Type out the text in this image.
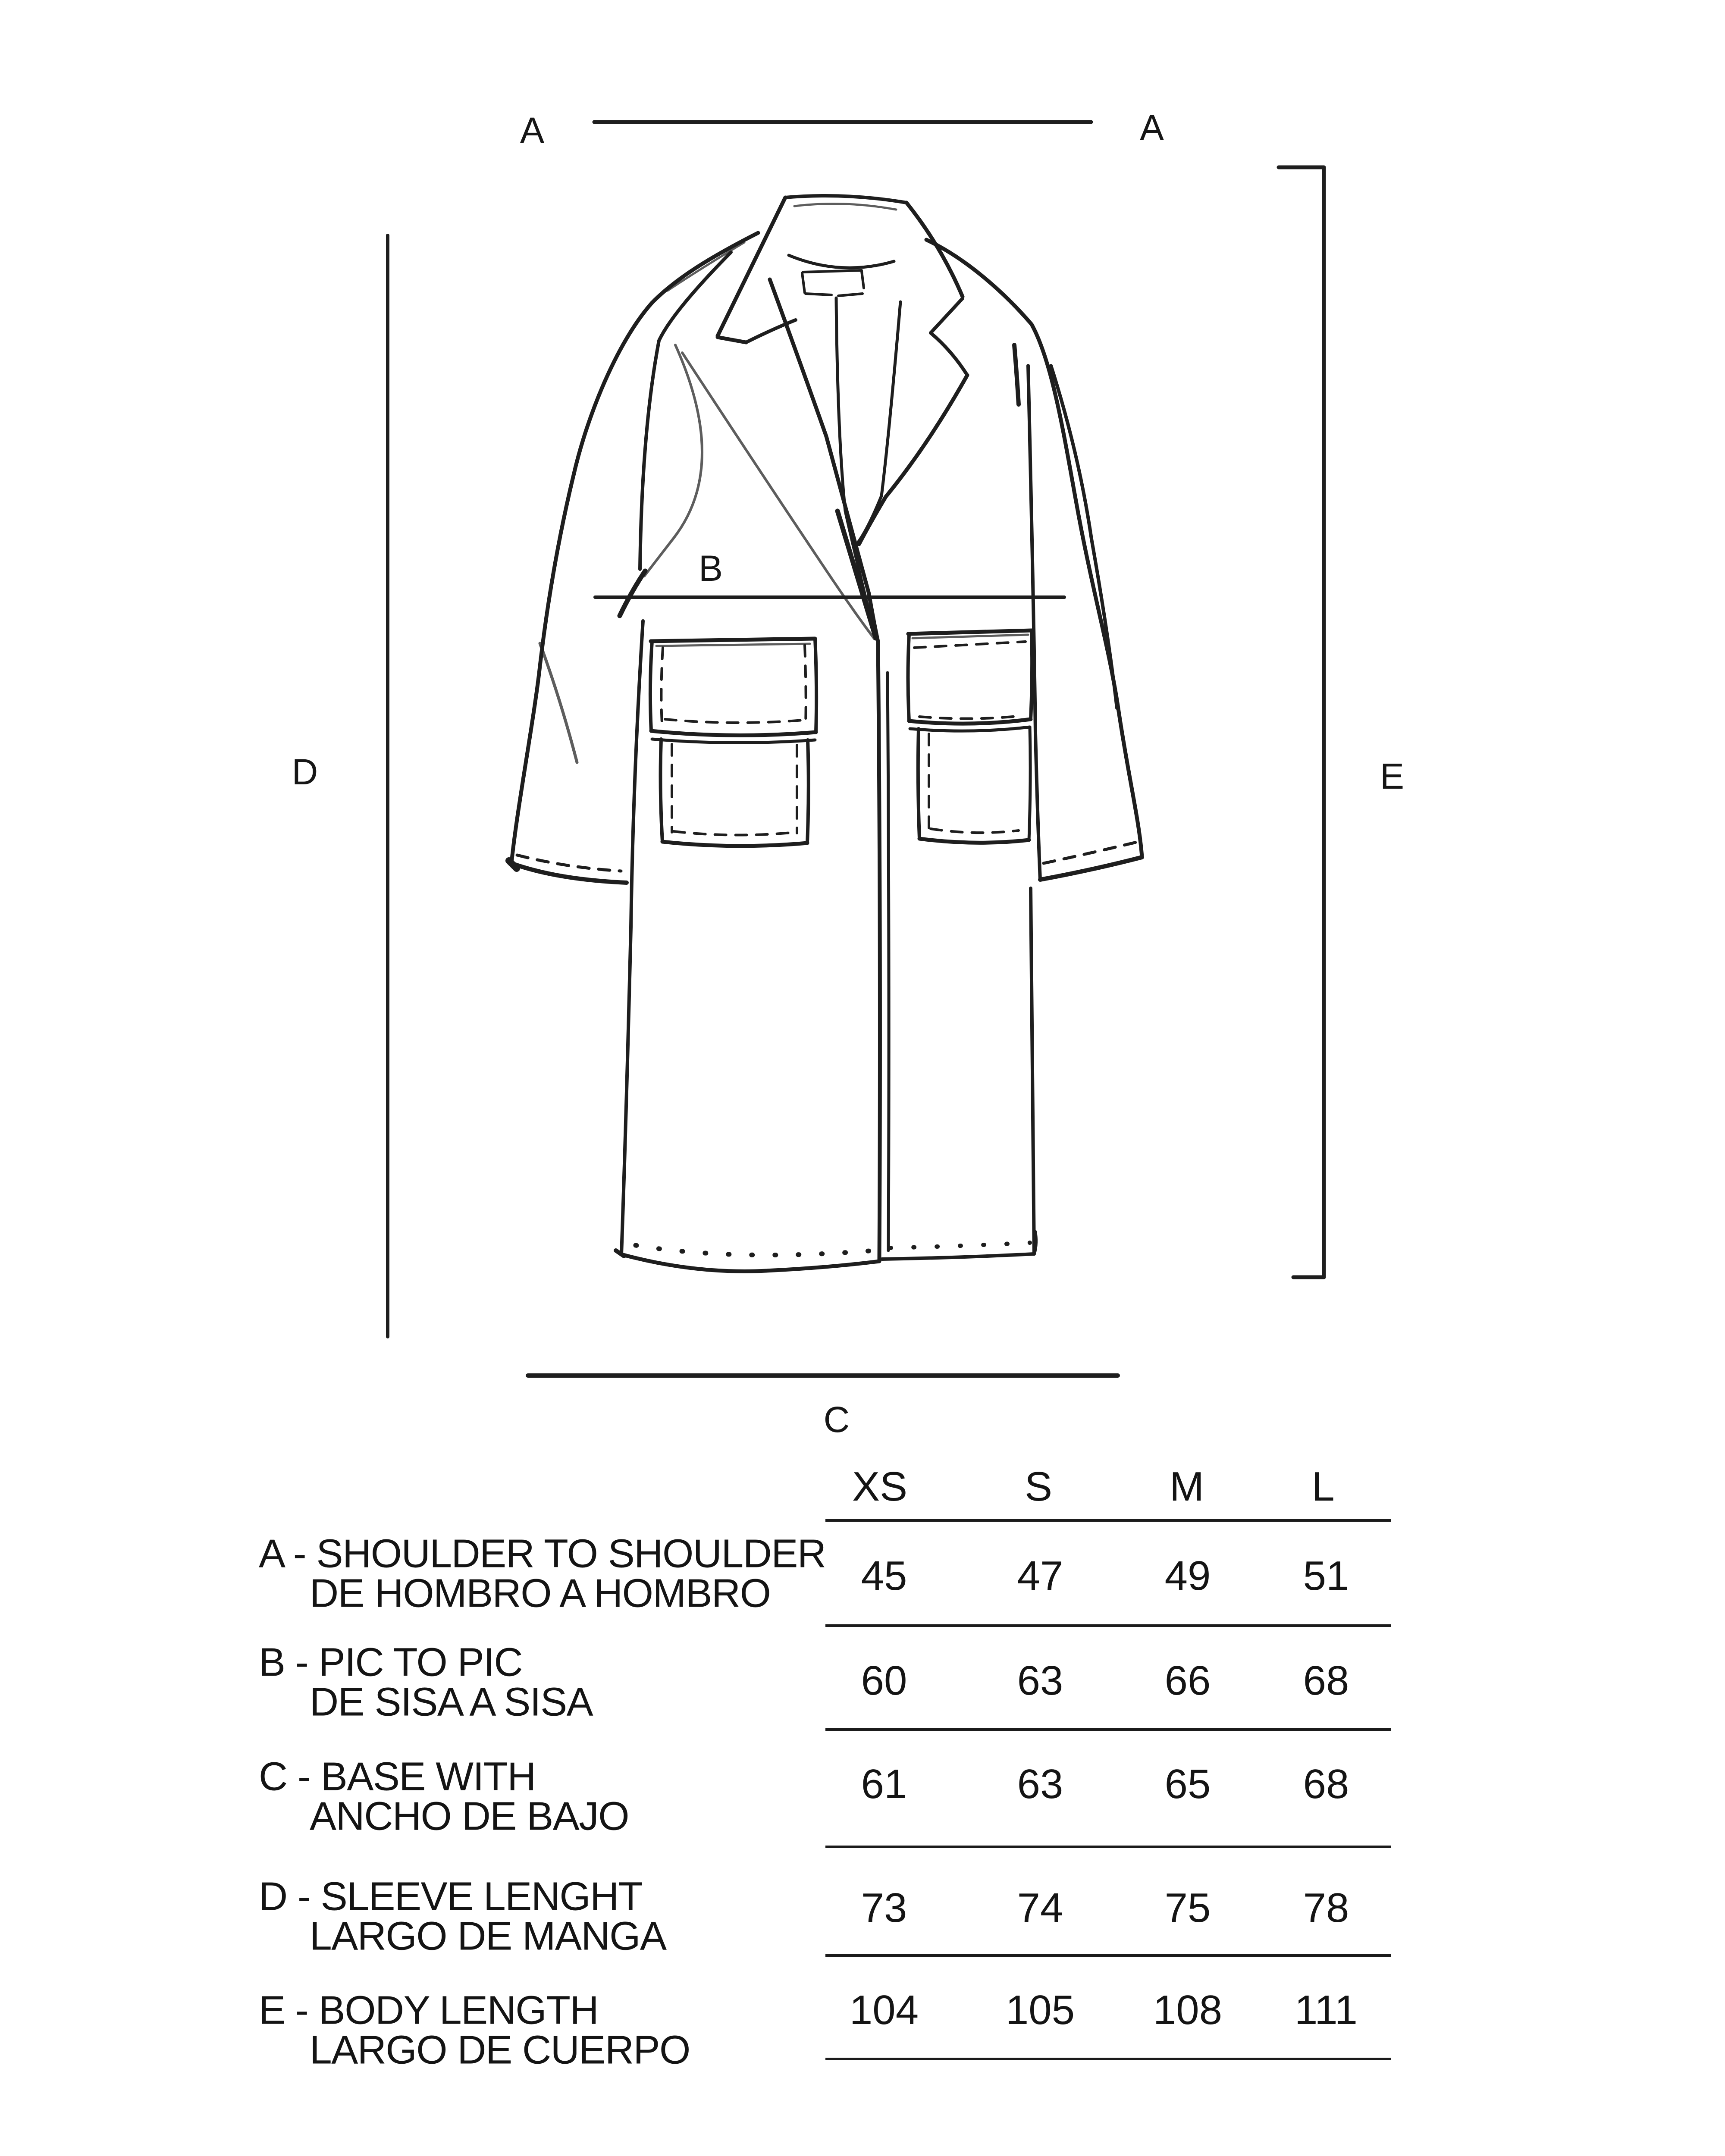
A	A
B
C
D	E
XS	S	M	L
A - SHOULDER TO SHOULDER
DE HOMBRO A HOMBRO 45	47 49 51
B - PIC TO PIC
DE SISA A SISA	60	63 66 68
C - BASE WITH
ANCHO DE BAJO
61	63 65 68
D - SLEEVE LENGHT
LARGO DE MANGA
73	74 75 78
E - BODY LENGTH
LARGO DE CUERPO
104 105 108 111
